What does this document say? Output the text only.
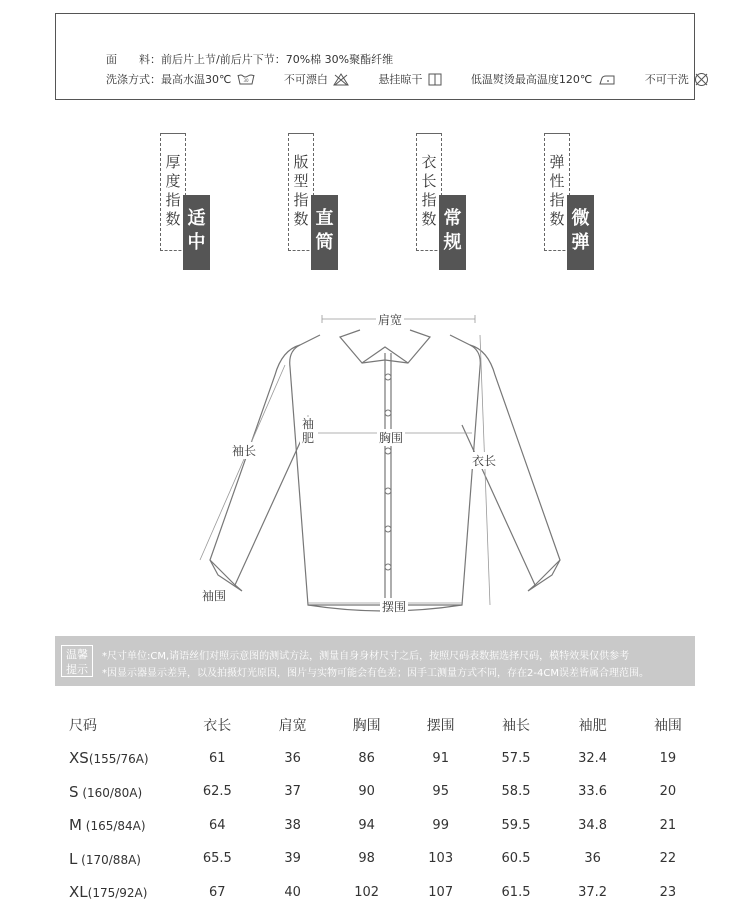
面　　料：前后片上节/前后片下节：70%棉 30%聚酯纤维
洗涤方式：最高水温30℃	30	不可漂白	悬挂晾干	低温熨烫最高温度120℃	不可干洗
厚度指数 适中
版型指数 直筒
衣长指数 常规
弹性指数 微弹
肩宽
袖
肥	胸围
袖长
衣长
袖围
摆围
温馨
提示
*尺寸单位:CM,请语丝们对照示意图的测试方法，测量自身身材尺寸之后，按照尺码表数据选择尺码，模特效果仅供参考
*因显示器显示差异，以及拍摄灯光原因，图片与实物可能会有色差；因手工测量方式不同，存在2-4CM误差皆属合理范围。
尺码	衣长	肩宽	胸围	摆围	袖长	袖肥	袖围
XS(155/76A)	61	36	86	91	57.5	32.4	19
S (160/80A)	62.5	37	90	95	58.5	33.6	20
M (165/84A)	64	38	94	99	59.5	34.8	21
L (170/88A)	65.5	39	98	103	60.5	36	22
XL(175/92A)	67	40	102	107	61.5	37.2	23
